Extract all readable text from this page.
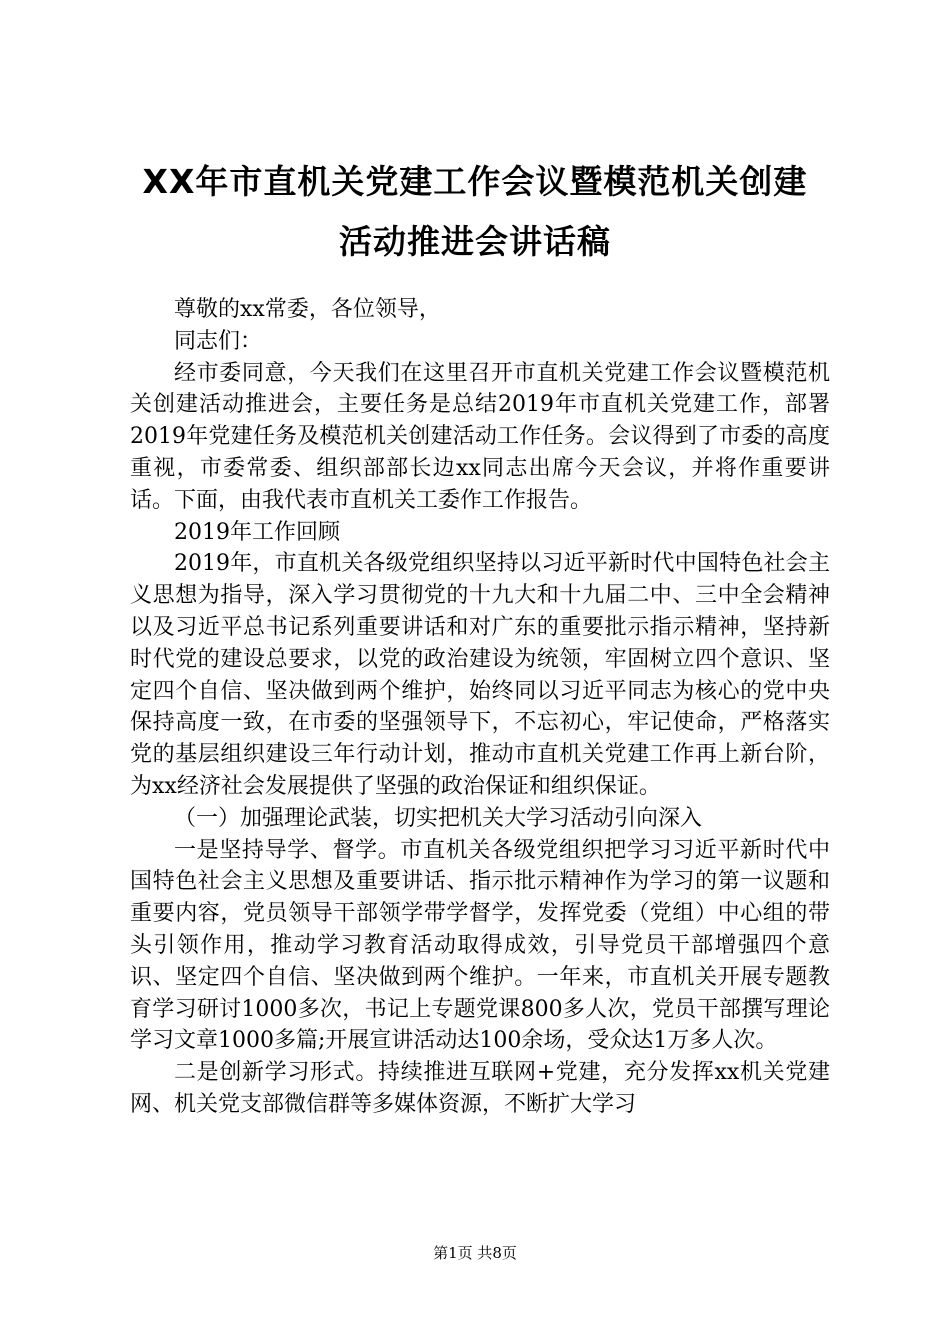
XX年市直机关党建工作会议暨模范机关创建
活动推进会讲话稿

尊敬的xx常委，各位领导，

同志们：

经市委同意，今天我们在这里召开市直机关党建工作会议暨模范机关创建活动推进会，主要任务是总结2019年市直机关党建工作，部署2019年党建任务及模范机关创建活动工作任务。会议得到了市委的高度重视，市委常委、组织部部长边xx同志出席今天会议，并将作重要讲话。下面，由我代表市直机关工委作工作报告。

2019年工作回顾

2019年，市直机关各级党组织坚持以习近平新时代中国特色社会主义思想为指导，深入学习贯彻党的十九大和十九届二中、三中全会精神以及习近平总书记系列重要讲话和对广东的重要批示指示精神，坚持新时代党的建设总要求，以党的政治建设为统领，牢固树立四个意识、坚定四个自信、坚决做到两个维护，始终同以习近平同志为核心的党中央保持高度一致，在市委的坚强领导下，不忘初心，牢记使命，严格落实党的基层组织建设三年行动计划，推动市直机关党建工作再上新台阶，为xx经济社会发展提供了坚强的政治保证和组织保证。

（一）加强理论武装，切实把机关大学习活动引向深入

一是坚持导学、督学。市直机关各级党组织把学习习近平新时代中国特色社会主义思想及重要讲话、指示批示精神作为学习的第一议题和重要内容，党员领导干部领学带学督学，发挥党委（党组）中心组的带头引领作用，推动学习教育活动取得成效，引导党员干部增强四个意识、坚定四个自信、坚决做到两个维护。一年来，市直机关开展专题教育学习研讨1000多次，书记上专题党课800多人次，党员干部撰写理论学习文章1000多篇;开展宣讲活动达100余场，受众达1万多人次。

二是创新学习形式。持续推进互联网+党建，充分发挥xx机关党建网、机关党支部微信群等多媒体资源，不断扩大学习

第1页 共8页
